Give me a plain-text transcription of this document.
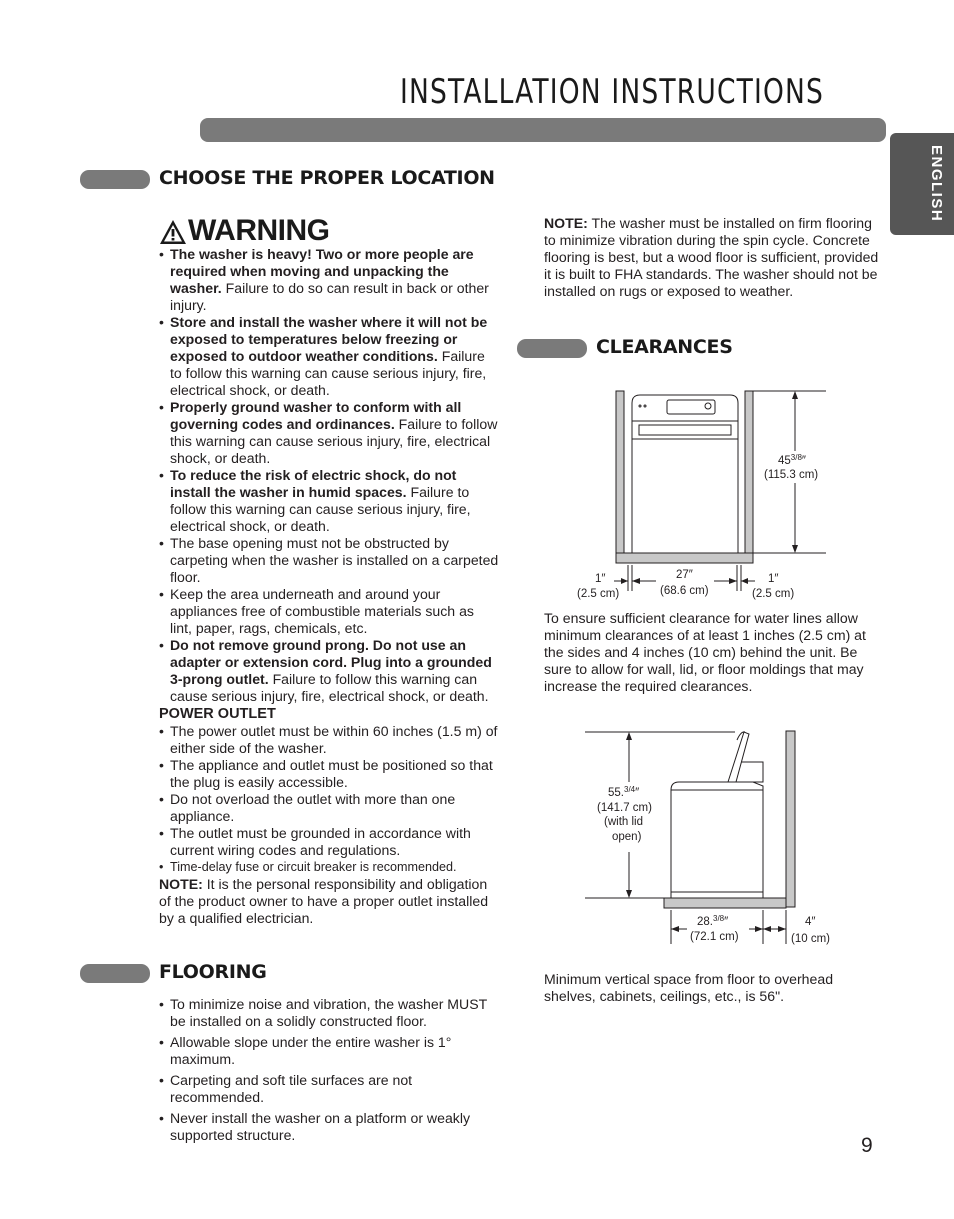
INSTALLATION INSTRUCTIONS
ENGLISH
CHOOSE THE PROPER LOCATION
WARNING
• The washer is heavy! Two or more people are required when moving and unpacking the washer. Failure to do so can result in back or other injury.
• Store and install the washer where it will not be exposed to temperatures below freezing or exposed to outdoor weather conditions. Failure to follow this warning can cause serious injury, fire, electrical shock, or death.
• Properly ground washer to conform with all governing codes and ordinances. Failure to follow this warning can cause serious injury, fire, electrical shock, or death.
• To reduce the risk of electric shock, do not install the washer in humid spaces. Failure to follow this warning can cause serious injury, fire, electrical shock, or death.
• The base opening must not be obstructed by carpeting when the washer is installed on a carpeted floor.
• Keep the area underneath and around your appliances free of combustible materials such as lint, paper, rags, chemicals, etc.
• Do not remove ground prong. Do not use an adapter or extension cord. Plug into a grounded 3-prong outlet. Failure to follow this warning can cause serious injury, fire, electrical shock, or death.
POWER OUTLET
• The power outlet must be within 60 inches (1.5 m) of either side of the washer.
• The appliance and outlet must be positioned so that the plug is easily accessible.
• Do not overload the outlet with more than one appliance.
• The outlet must be grounded in accordance with current wiring codes and regulations.
• Time-delay fuse or circuit breaker is recommended.
NOTE: It is the personal responsibility and obligation of the product owner to have a proper outlet installed by a qualified electrician.
FLOORING
• To minimize noise and vibration, the washer MUST be installed on a solidly constructed floor.
• Allowable slope under the entire washer is 1° maximum.
• Carpeting and soft tile surfaces are not recommended.
• Never install the washer on a platform or weakly supported structure.
NOTE: The washer must be installed on firm flooring to minimize vibration during the spin cycle. Concrete flooring is best, but a wood floor is sufficient, provided it is built to FHA standards. The washer should not be installed on rugs or exposed to weather.
CLEARANCES
$45^{3/8}''$
(115.3 cm)
27″
(68.6 cm)
1″
(2.5 cm)
1″
(2.5 cm)
To ensure sufficient clearance for water lines allow minimum clearances of at least 1 inches (2.5 cm) at the sides and 4 inches (10 cm) behind the unit. Be sure to allow for wall, lid, or floor moldings that may increase the required clearances.
55.$^{3/4}$″
(141.7 cm)
(with lid
open)
28.$^{3/8}$″
(72.1 cm)
4″
(10 cm)
Minimum vertical space from floor to overhead shelves, cabinets, ceilings, etc., is 56".
9
